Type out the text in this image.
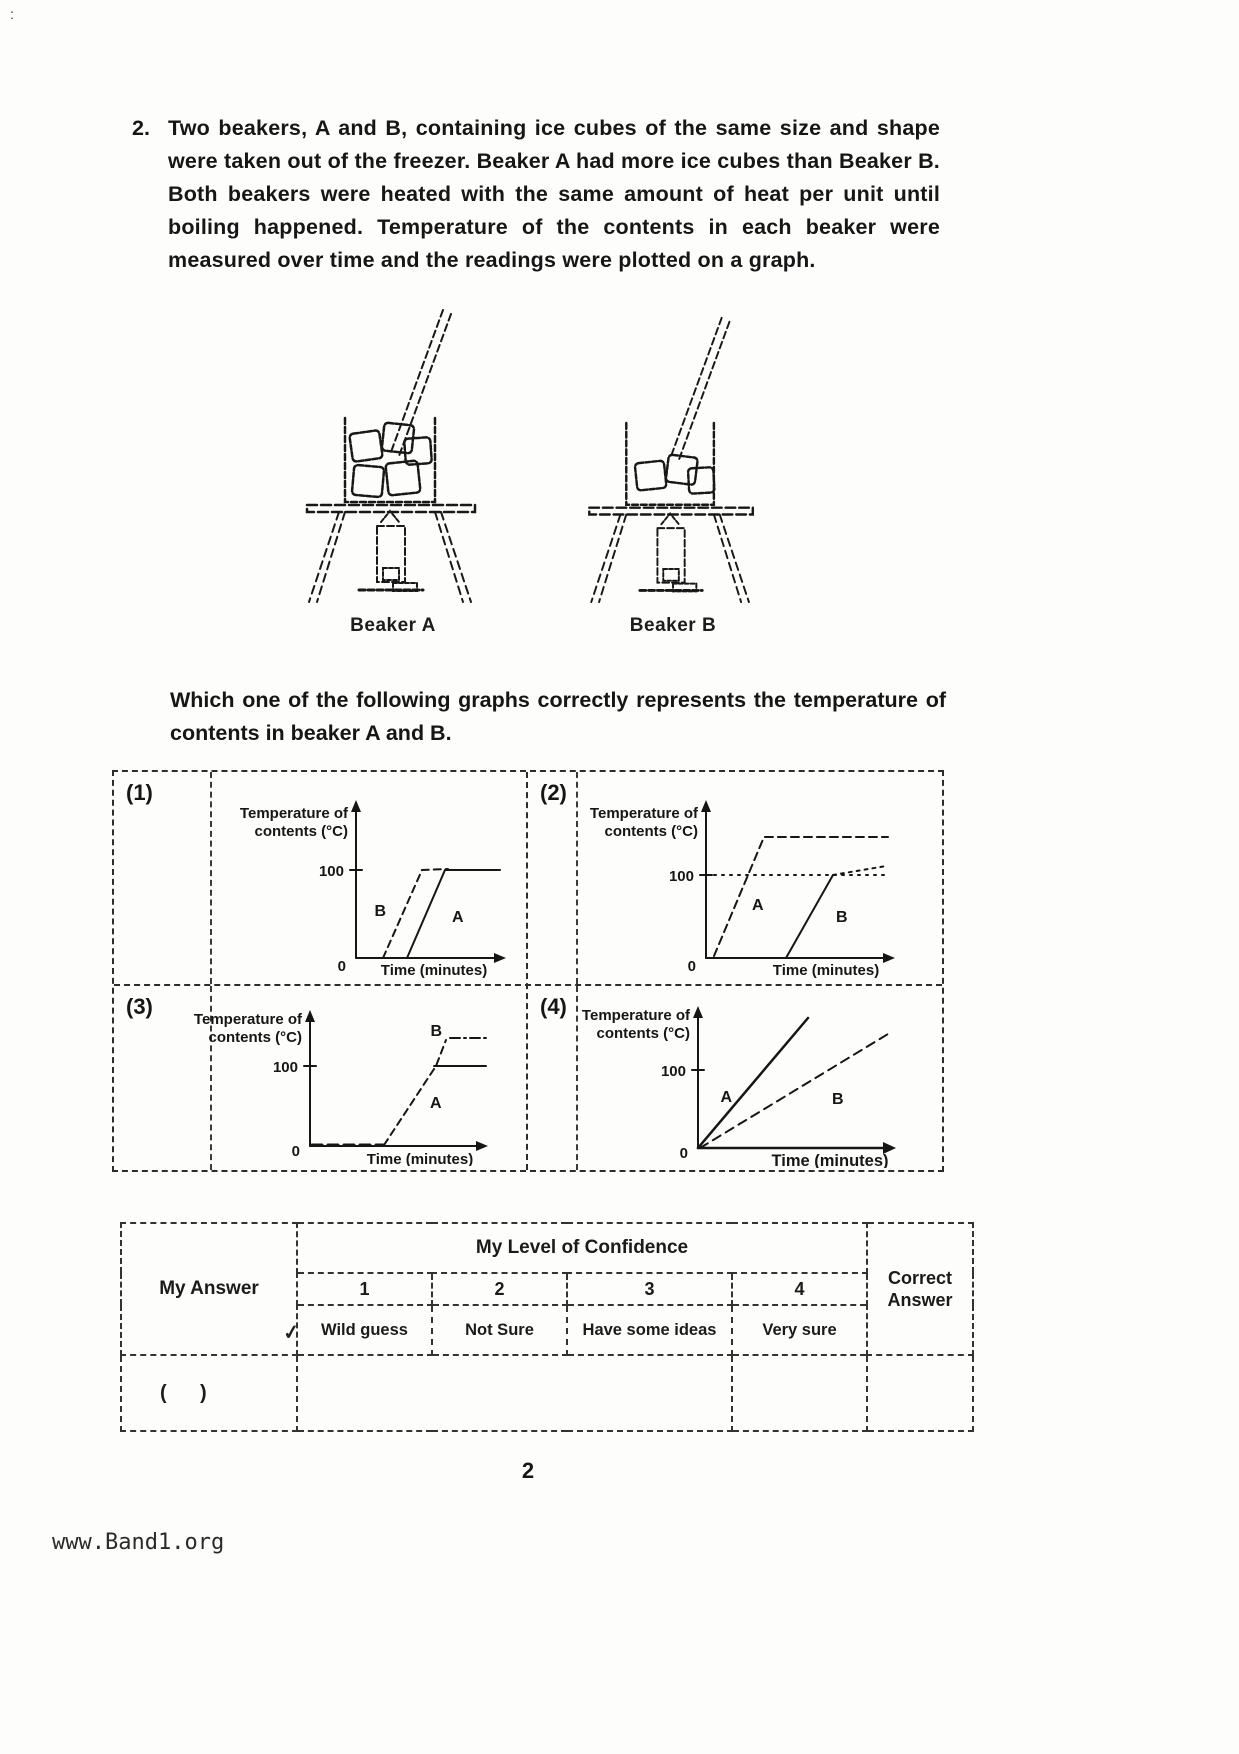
:
2. Two beakers, A and B, containing ice cubes of the same size and shape were taken out of the freezer. Beaker A had more ice cubes than Beaker B. Both beakers were heated with the same amount of heat per unit until boiling happened. Temperature of the contents in each beaker were measured over time and the readings were plotted on a graph.
Beaker A	Beaker B
Which one of the following graphs correctly represents the temperature of contents in beaker A and B.
(1)
Temperature of
contents (°C)
100
0
B	A
Time (minutes)
(2)
Temperature of
contents (°C)
100
0
A
B
Time (minutes)
(3)
Temperature of
contents (°C)
100
0
B
A
Time (minutes)
(4) Temperature of
contents (°C)
100
0
A	B
Time (minutes)
My Answer	My Level of Confidence				Correct Answer
	1	2	3	4	
	Wild guess	Not Sure	Have some ideas	Very sure	
(      )					
✓
2
www.Band1.org
